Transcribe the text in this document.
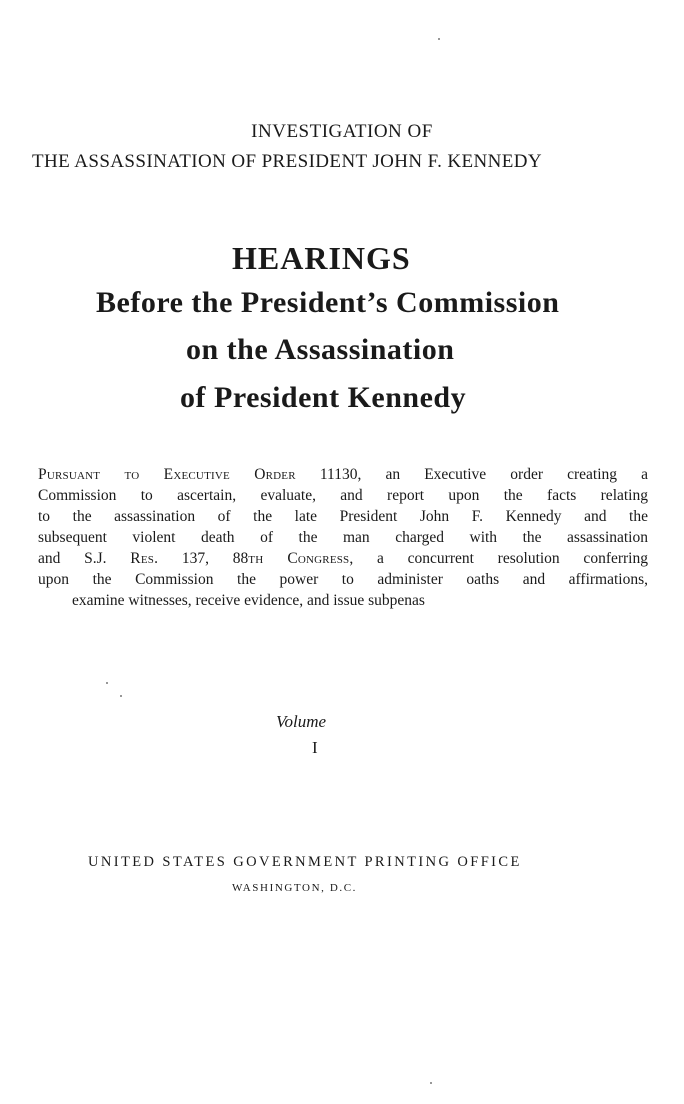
INVESTIGATION OF
THE ASSASSINATION OF PRESIDENT JOHN F. KENNEDY
HEARINGS
Before the President’s Commission
on the Assassination
of President Kennedy
Pursuant to Executive Order 11130, an Executive order creating a
Commission to ascertain, evaluate, and report upon the facts relating
to the assassination of the late President John F. Kennedy and the
subsequent violent death of the man charged with the assassination
and S.J. Res. 137, 88th Congress, a concurrent resolution conferring
upon the Commission the power to administer oaths and affirmations,
examine witnesses, receive evidence, and issue subpenas
Volume
I
UNITED STATES GOVERNMENT PRINTING OFFICE
WASHINGTON, D.C.
